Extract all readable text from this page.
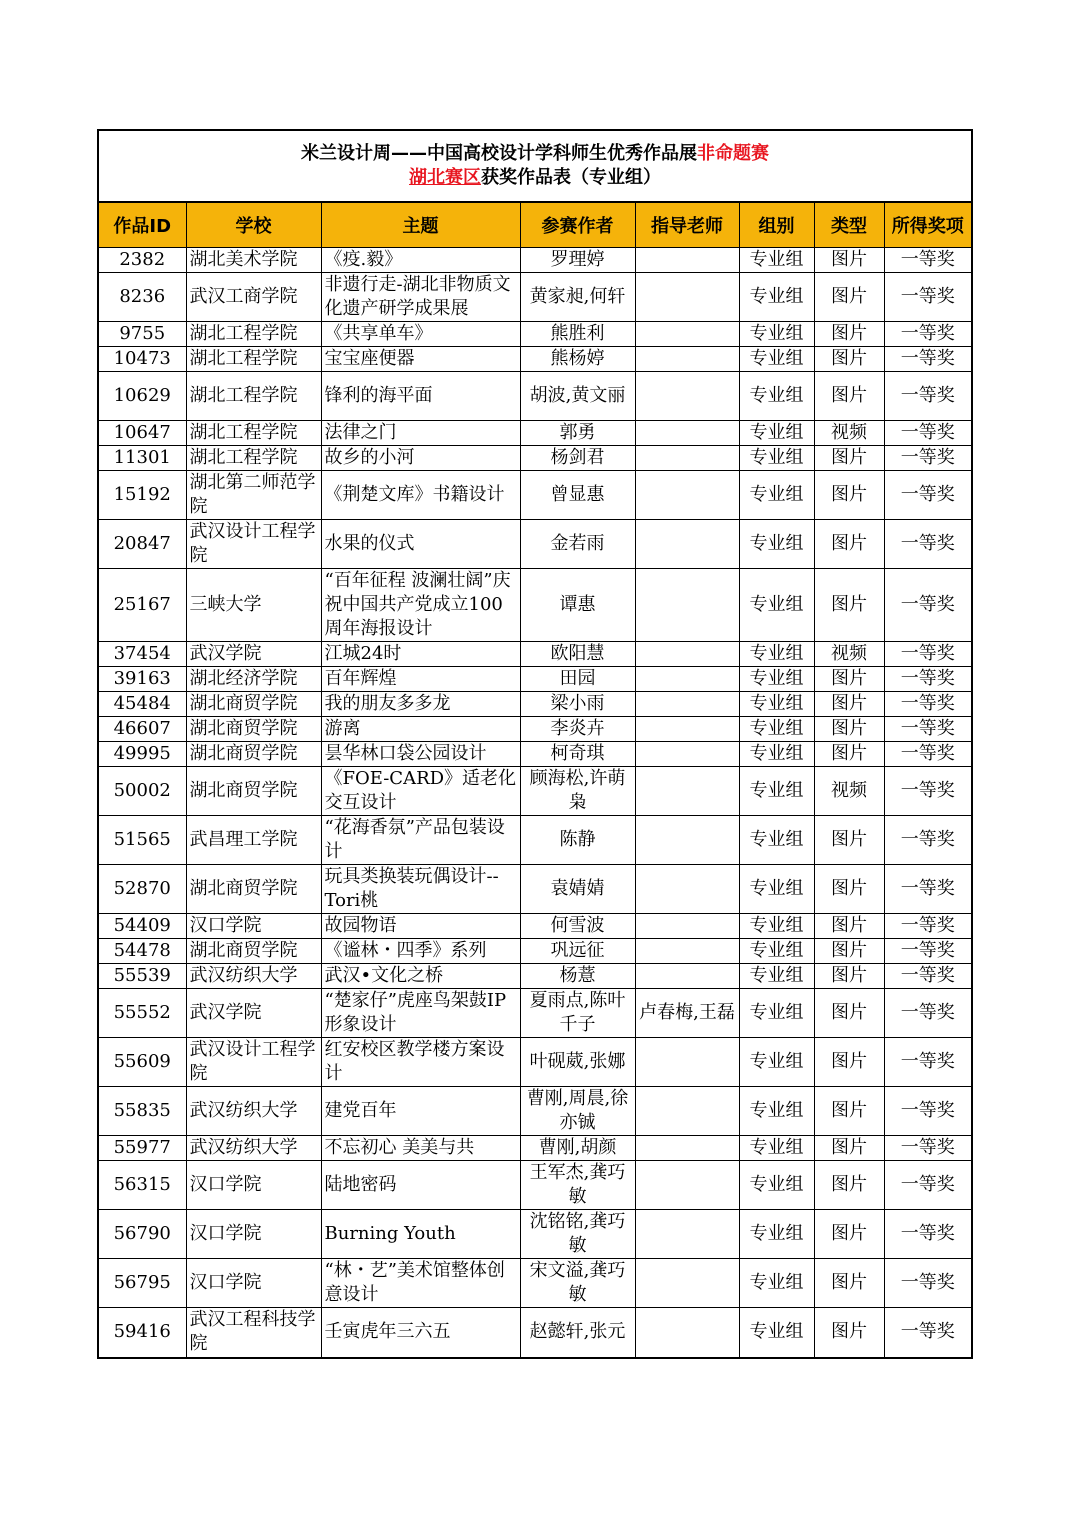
米兰设计周——中国高校设计学科师生优秀作品展非命题赛
湖北赛区获奖作品表（专业组）
作品ID	学校	主题	参赛作者	指导老师	组别	类型	所得奖项
2382	湖北美术学院	《疫.毅》	罗理婷		专业组	图片	一等奖
8236	武汉工商学院	非遗行走-湖北非物质文化遗产研学成果展	黄家昶,何轩		专业组	图片	一等奖
9755	湖北工程学院	《共享单车》	熊胜利		专业组	图片	一等奖
10473	湖北工程学院	宝宝座便器	熊杨婷		专业组	图片	一等奖
10629	湖北工程学院	锋利的海平面	胡波,黄文丽		专业组	图片	一等奖
10647	湖北工程学院	法律之门	郭勇		专业组	视频	一等奖
11301	湖北工程学院	故乡的小河	杨剑君		专业组	图片	一等奖
15192	湖北第二师范学院	《荆楚文库》书籍设计	曾显惠		专业组	图片	一等奖
20847	武汉设计工程学院	水果的仪式	金若雨		专业组	图片	一等奖
25167	三峡大学	“百年征程 波澜壮阔”庆祝中国共产党成立100周年海报设计	谭惠		专业组	图片	一等奖
37454	武汉学院	江城24时	欧阳慧		专业组	视频	一等奖
39163	湖北经济学院	百年辉煌	田园		专业组	图片	一等奖
45484	湖北商贸学院	我的朋友多多龙	梁小雨		专业组	图片	一等奖
46607	湖北商贸学院	游离	李炎卉		专业组	图片	一等奖
49995	湖北商贸学院	昙华林口袋公园设计	柯奇琪		专业组	图片	一等奖
50002	湖北商贸学院	《FOE-CARD》适老化交互设计	顾海松,许萌枭		专业组	视频	一等奖
51565	武昌理工学院	“花海香氛”产品包装设计	陈静		专业组	图片	一等奖
52870	湖北商贸学院	玩具类换装玩偶设计--Tori桃	袁婧婧		专业组	图片	一等奖
54409	汉口学院	故园物语	何雪波		专业组	图片	一等奖
54478	湖北商贸学院	《谧林・四季》系列	巩远征		专业组	图片	一等奖
55539	武汉纺织大学	武汉•文化之桥	杨薏		专业组	图片	一等奖
55552	武汉学院	“楚家仔”虎座鸟架鼓IP形象设计	夏雨点,陈叶千子	卢春梅,王磊	专业组	图片	一等奖
55609	武汉设计工程学院	红安校区教学楼方案设计	叶砚葳,张娜		专业组	图片	一等奖
55835	武汉纺织大学	建党百年	曹刚,周晨,徐亦铖		专业组	图片	一等奖
55977	武汉纺织大学	不忘初心 美美与共	曹刚,胡颜		专业组	图片	一等奖
56315	汉口学院	陆地密码	王军杰,龚巧敏		专业组	图片	一等奖
56790	汉口学院	Burning Youth	沈铭铭,龚巧敏		专业组	图片	一等奖
56795	汉口学院	“林・艺”美术馆整体创意设计	宋文溢,龚巧敏		专业组	图片	一等奖
59416	武汉工程科技学院	壬寅虎年三六五	赵懿轩,张元		专业组	图片	一等奖
